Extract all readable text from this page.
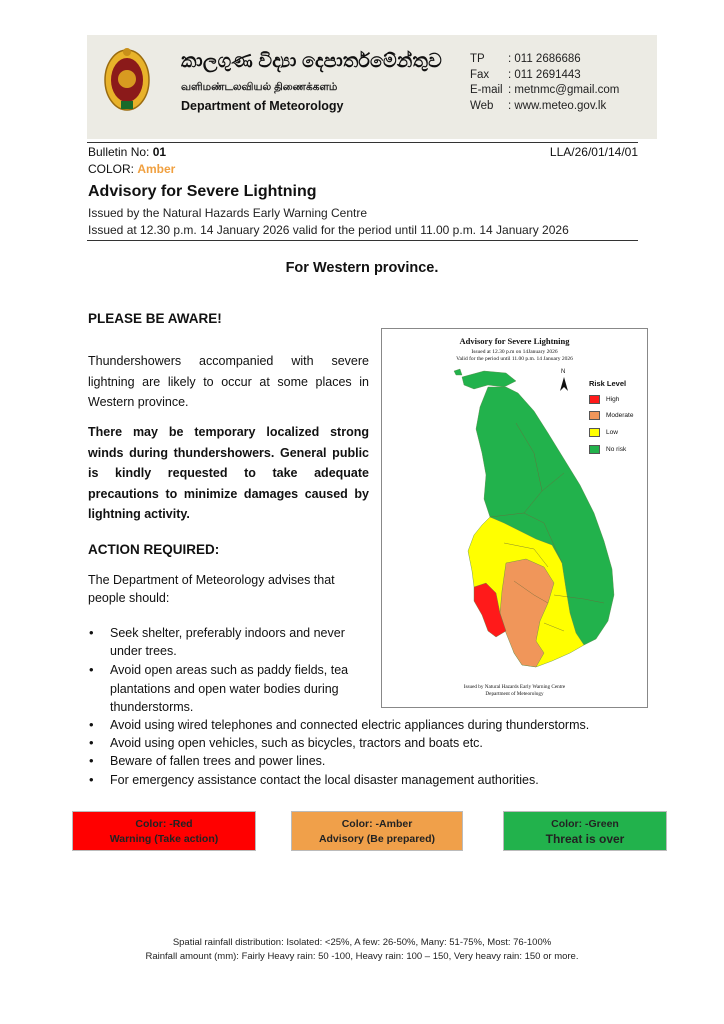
කාලගුණ විද්‍යා දෙපාර්තමේන්තුව
வளிமண்டலவியல் திணைக்களம்
Department of Meteorology
TP	: 011 2686686
Fax	: 011 2691443
E-mail : metnmc@gmail.com
Web	: www.meteo.gov.lk
Bulletin No: 01	LLA/26/01/14/01
COLOR: Amber
Advisory for Severe Lightning
Issued by the Natural Hazards Early Warning Centre
Issued at 12.30 p.m. 14 January 2026 valid for the period until 11.00 p.m. 14 January 2026
For Western province.
PLEASE BE AWARE!
Thundershowers accompanied with severe lightning are likely to occur at some places in Western province.
There may be temporary localized strong winds during thundershowers. General public is kindly requested to take adequate precautions to minimize damages caused by lightning activity.
ACTION REQUIRED:
The Department of Meteorology advises that people should:
• Seek shelter, preferably indoors and never under trees.
• Avoid open areas such as paddy fields, tea plantations and open water bodies during thunderstorms.
• Avoid using wired telephones and connected electric appliances during thunderstorms.
• Avoid using open vehicles, such as bicycles, tractors and boats etc.
• Beware of fallen trees and power lines.
• For emergency assistance contact the local disaster management authorities.
Advisory for Severe Lightning
Issued at 12.30 p.m on 14January 2026
Valid for the period until 11.00 p.m. 14 January 2026
N
Risk Level
High
Moderate
Low
No risk
Issued by Natural Hazards Early Warning Centre
Department of Meteorology
Color: -Red
Warning (Take action)
Color: -Amber
Advisory (Be prepared)
Color: -Green
Threat is over
Spatial rainfall distribution: Isolated: <25%, A few: 26-50%, Many: 51-75%, Most: 76-100%
Rainfall amount (mm): Fairly Heavy rain: 50 -100, Heavy rain: 100 – 150, Very heavy rain: 150 or more.
